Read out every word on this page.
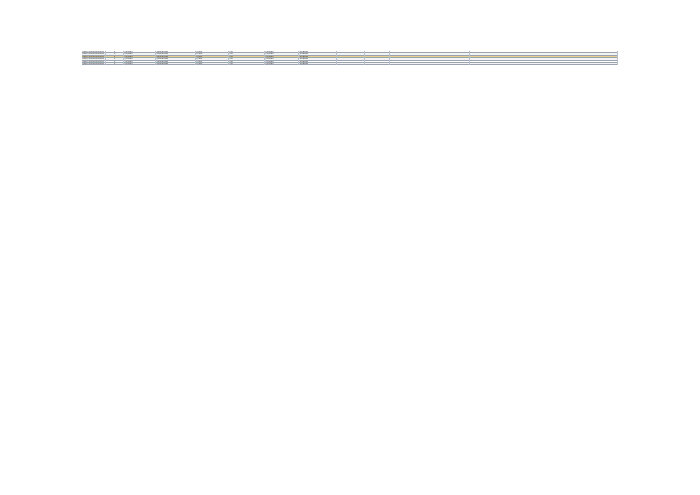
DE0700000000001	1	Ortsteil	Gemeinde	Kreis	Ort	Ortsteil	Strasse
DE0700000000002	1	Ortsteil	Gemeinde	Kreis	Ort	Ortsteil	Strasse
DE0700000000003	1	Ortsteil	Gemeinde	Kreis	Ort	Ortsteil	Strasse
DE0700000000004	1	Ortsteil	Gemeinde	Kreis	Ort	Ortsteil	Strasse
DE0700000000005	1	Ortsteil	Gemeinde	Kreis	Ort	Ortsteil	Strasse
DE0700000000006	1	Ortsteil	Gemeinde	Kreis	Ort	Ortsteil	Strasse
